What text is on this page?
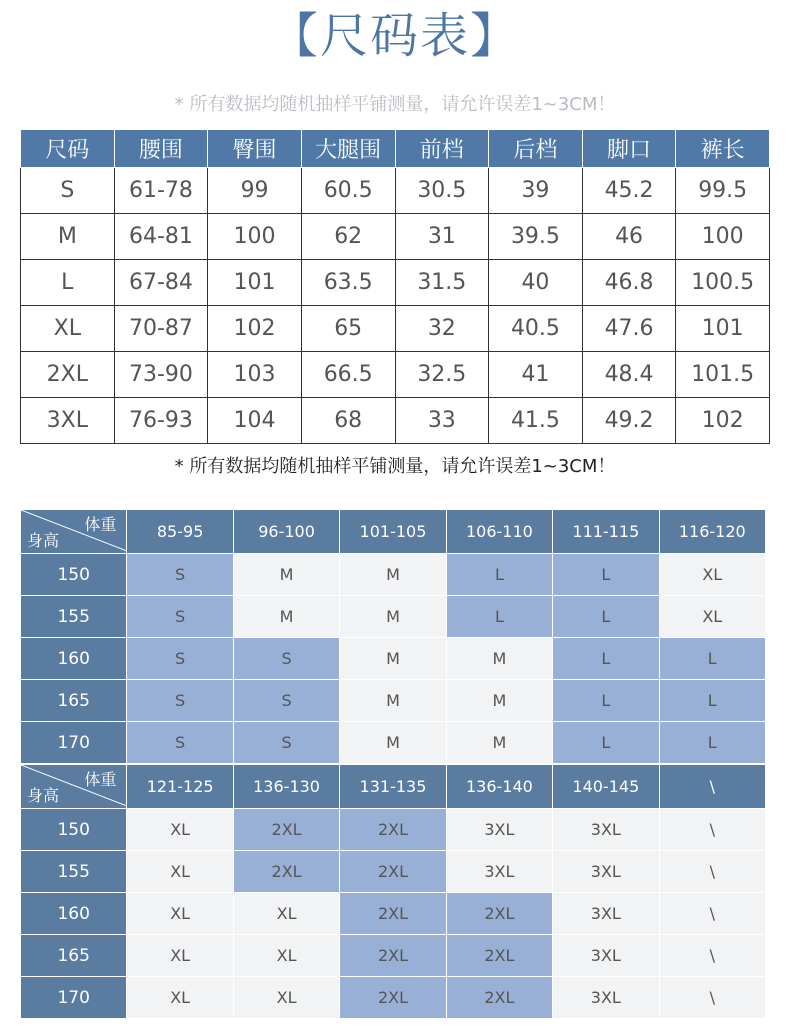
【尺码表】
* 所有数据均随机抽样平铺测量，请允许误差1~3CM！
尺码	腰围	臀围	大腿围	前档	后档	脚口	裤长
S	61-78	99	60.5	30.5	39	45.2	99.5
M	64-81	100	62	31	39.5	46	100
L	67-84	101	63.5	31.5	40	46.8	100.5
XL	70-87	102	65	32	40.5	47.6	101
2XL	73-90	103	66.5	32.5	41	48.4	101.5
3XL	76-93	104	68	33	41.5	49.2	102
* 所有数据均随机抽样平铺测量，请允许误差1~3CM！
体重
身高	85-95	96-100	101-105	106-110	111-115	116-120
150	S	M	M	L	L	XL
155	S	M	M	L	L	XL
160	S	S	M	M	L	L
165	S	S	M	M	L	L
170	S	S	M	M	L	L
体重
身高	121-125	136-130	131-135	136-140	140-145	\
150	XL	2XL	2XL	3XL	3XL	\
155	XL	2XL	2XL	3XL	3XL	\
160	XL	XL	2XL	2XL	3XL	\
165	XL	XL	2XL	2XL	3XL	\
170	XL	XL	2XL	2XL	3XL	\
